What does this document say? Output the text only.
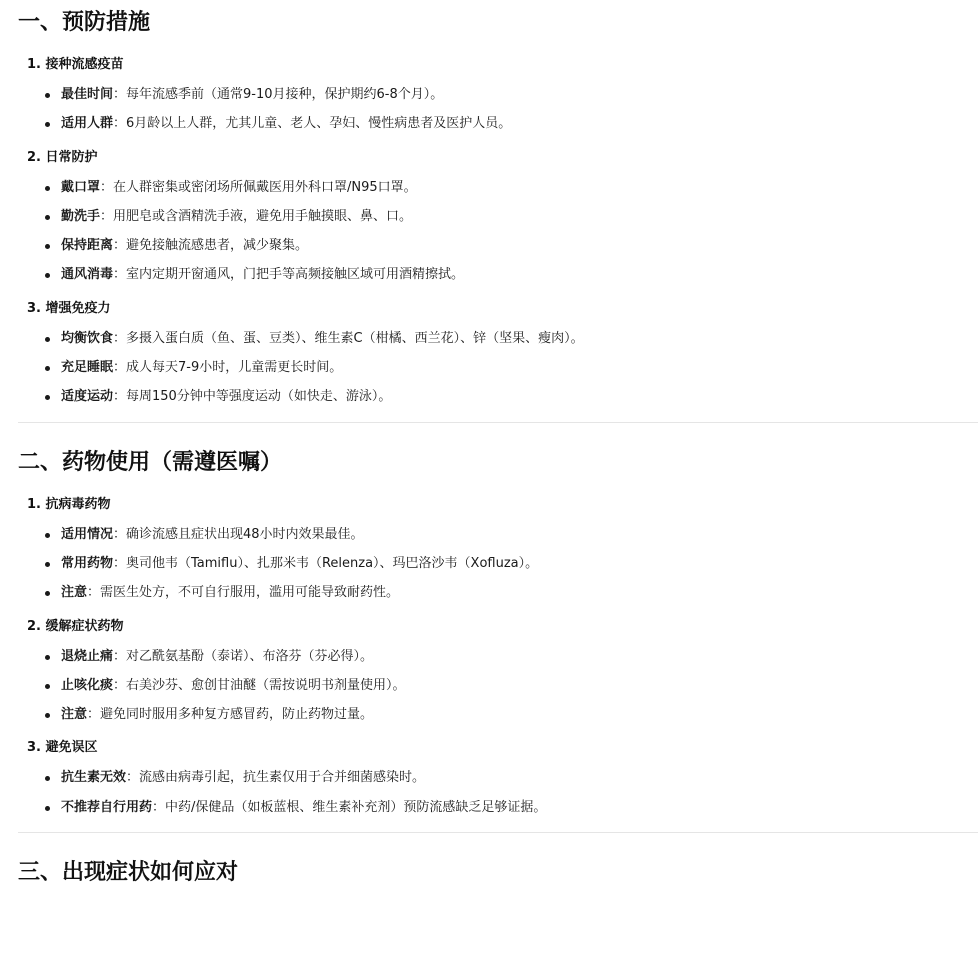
一、预防措施
1. 接种流感疫苗
最佳时间：每年流感季前（通常9-10月接种，保护期约6-8个月）。
适用人群：6月龄以上人群，尤其儿童、老人、孕妇、慢性病患者及医护人员。
2. 日常防护
戴口罩：在人群密集或密闭场所佩戴医用外科口罩/N95口罩。
勤洗手：用肥皂或含酒精洗手液，避免用手触摸眼、鼻、口。
保持距离：避免接触流感患者，减少聚集。
通风消毒：室内定期开窗通风，门把手等高频接触区域可用酒精擦拭。
3. 增强免疫力
均衡饮食：多摄入蛋白质（鱼、蛋、豆类）、维生素C（柑橘、西兰花）、锌（坚果、瘦肉）。
充足睡眠：成人每天7-9小时，儿童需更长时间。
适度运动：每周150分钟中等强度运动（如快走、游泳）。
二、药物使用（需遵医嘱）
1. 抗病毒药物
适用情况：确诊流感且症状出现48小时内效果最佳。
常用药物：奥司他韦（Tamiflu）、扎那米韦（Relenza）、玛巴洛沙韦（Xofluza）。
注意：需医生处方，不可自行服用，滥用可能导致耐药性。
2. 缓解症状药物
退烧止痛：对乙酰氨基酚（泰诺）、布洛芬（芬必得）。
止咳化痰：右美沙芬、愈创甘油醚（需按说明书剂量使用）。
注意：避免同时服用多种复方感冒药，防止药物过量。
3. 避免误区
抗生素无效：流感由病毒引起，抗生素仅用于合并细菌感染时。
不推荐自行用药：中药/保健品（如板蓝根、维生素补充剂）预防流感缺乏足够证据。
三、出现症状如何应对
